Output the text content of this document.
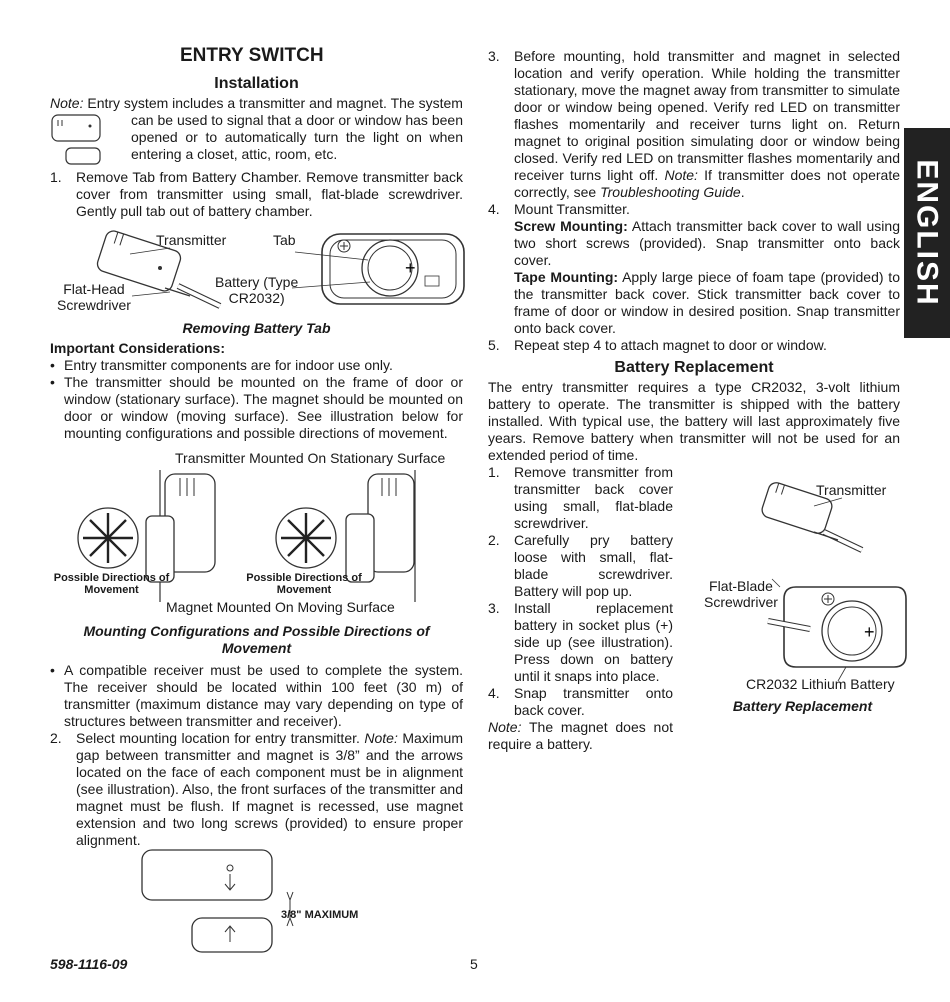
ENTRY SWITCH
Installation
Note: Entry system includes a transmitter and magnet. The system
can be used to signal that a door or window has been opened or to automatically turn the light on when entering a closet, attic, room, etc.
1. Remove Tab from Battery Chamber. Remove transmitter back cover from transmitter using small, flat-blade screwdriver. Gently pull tab out of battery chamber.
+
Transmitter	Tab
Flat-Head
Screwdriver
Battery (Type
CR2032)
Removing Battery Tab
Important Considerations:
• Entry transmitter components are for indoor use only.
• The transmitter should be mounted on the frame of door or window (stationary surface). The magnet should be mounted on door or window (moving surface). See illustration below for mounting configurations and possible directions of movement.
Transmitter Mounted On Stationary Surface
Possible Directions of
Movement
Possible Directions of
Movement
Magnet Mounted On Moving Surface
Mounting Configurations and Possible Directions of Movement
• A compatible receiver must be used to complete the system. The receiver should be located within 100 feet (30 m) of transmitter (maximum distance may vary depending on type of structures between transmitter and receiver).
2. Select mounting location for entry transmitter. Note: Maximum gap between transmitter and magnet is 3/8” and the arrows located on the face of each component must be in alignment (see illustration). Also, the front surfaces of the transmitter and magnet must be flush. If magnet is recessed, use magnet extension and two long screws (provided) to ensure proper alignment.
3/8" MAXIMUM
3. Before mounting, hold transmitter and magnet in selected location and verify operation. While holding the transmitter stationary, move the magnet away from transmitter to simulate door or window being opened. Verify red LED on transmitter flashes momentarily and receiver turns light on. Return magnet to original position simulating door or window being closed. Verify red LED on transmitter flashes momentarily and receiver turns light off. Note: If transmitter does not operate correctly, see Troubleshooting Guide.
4. Mount Transmitter.
Screw Mounting: Attach transmitter back cover to wall using two short screws (provided). Snap transmitter onto back cover.
Tape Mounting: Apply large piece of foam tape (provided) to the transmitter back cover. Stick transmitter back cover to frame of door or window in desired position. Snap transmitter onto back cover.
5. Repeat step 4 to attach magnet to door or window.
Battery Replacement
The entry transmitter requires a type CR2032, 3-volt lithium battery to operate. The transmitter is shipped with the battery installed. With typical use, the battery will last approximately five years. Remove battery when transmitter will not be used for an extended period of time.
1. Remove transmitter from transmitter back cover using small, flat-blade screwdriver.
2. Carefully pry battery loose with small, flat-blade screwdriver. Battery will pop up.
3. Install replacement battery in socket plus (+) side up (see illustration). Press down on battery until it snaps into place.
4. Snap transmitter onto back cover.
Note: The magnet does not require a battery.
Transmitter
Flat-Blade
Screwdriver
+
CR2032 Lithium Battery
Battery Replacement
ENGLISH
598-1116-09	5
